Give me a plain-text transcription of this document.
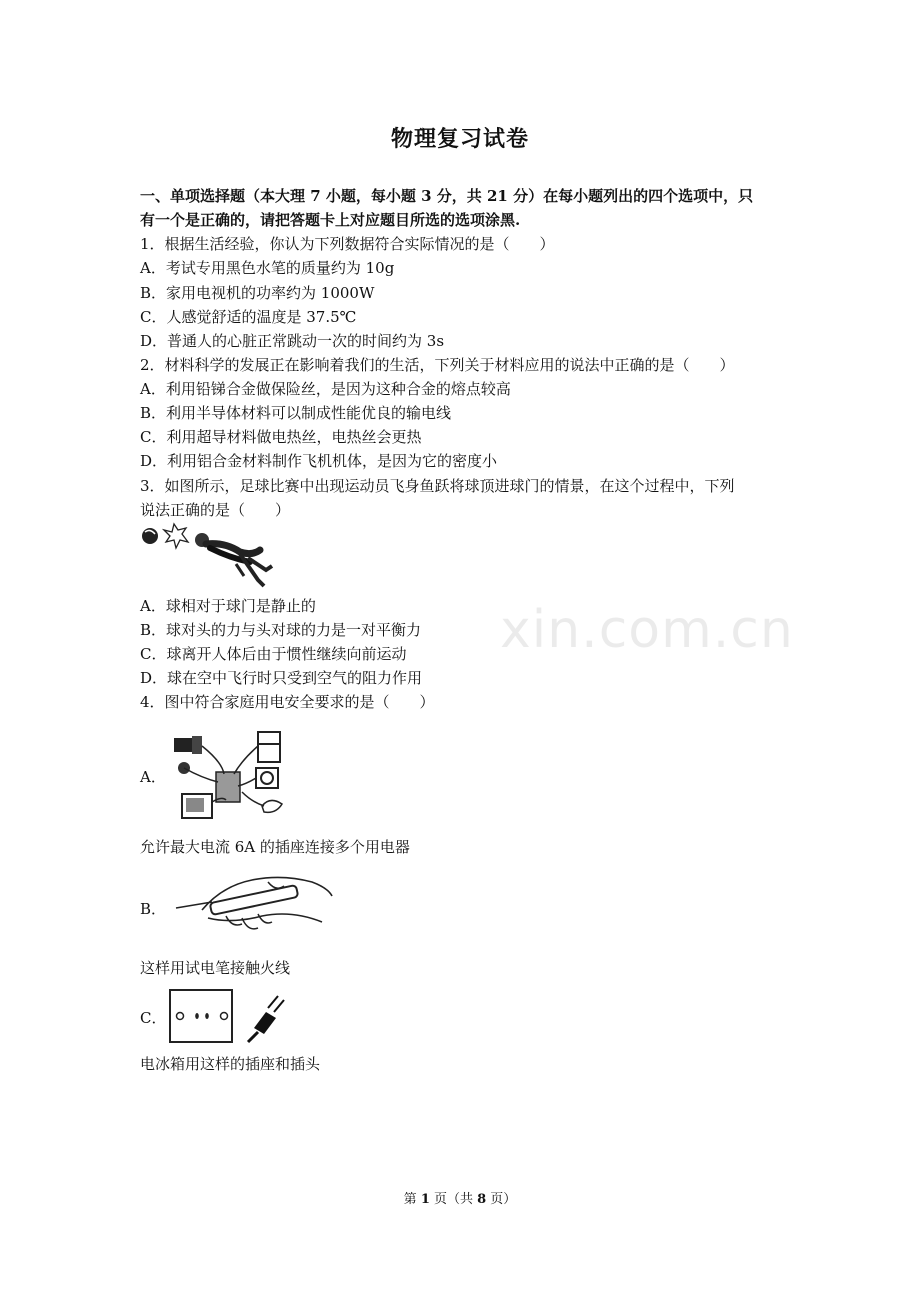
物理复习试卷
一、单项选择题（本大理 7 小题，每小题 3 分，共 21 分）在每小题列出的四个选项中，只
有一个是正确的，请把答题卡上对应题目所选的选项涂黑.
1．根据生活经验，你认为下列数据符合实际情况的是（　　）
A．考试专用黑色水笔的质量约为 10g
B．家用电视机的功率约为 1000W
C．人感觉舒适的温度是 37.5℃
D．普通人的心脏正常跳动一次的时间约为 3s
2．材料科学的发展正在影响着我们的生活，下列关于材料应用的说法中正确的是（　　）
A．利用铅锑合金做保险丝，是因为这种合金的熔点较高
B．利用半导体材料可以制成性能优良的输电线
C．利用超导材料做电热丝，电热丝会更热
D．利用铝合金材料制作飞机机体，是因为它的密度小
3．如图所示，足球比赛中出现运动员飞身鱼跃将球顶进球门的情景，在这个过程中，下列
说法正确的是（　　）
A．球相对于球门是静止的
B．球对头的力与头对球的力是一对平衡力
C．球离开人体后由于惯性继续向前运动
D．球在空中飞行时只受到空气的阻力作用
4．图中符合家庭用电安全要求的是（　　）
A．
允许最大电流 6A 的插座连接多个用电器
B．
这样用试电笔接触火线
C．
电冰箱用这样的插座和插头
xin.com.cn
第 1 页（共 8 页）
